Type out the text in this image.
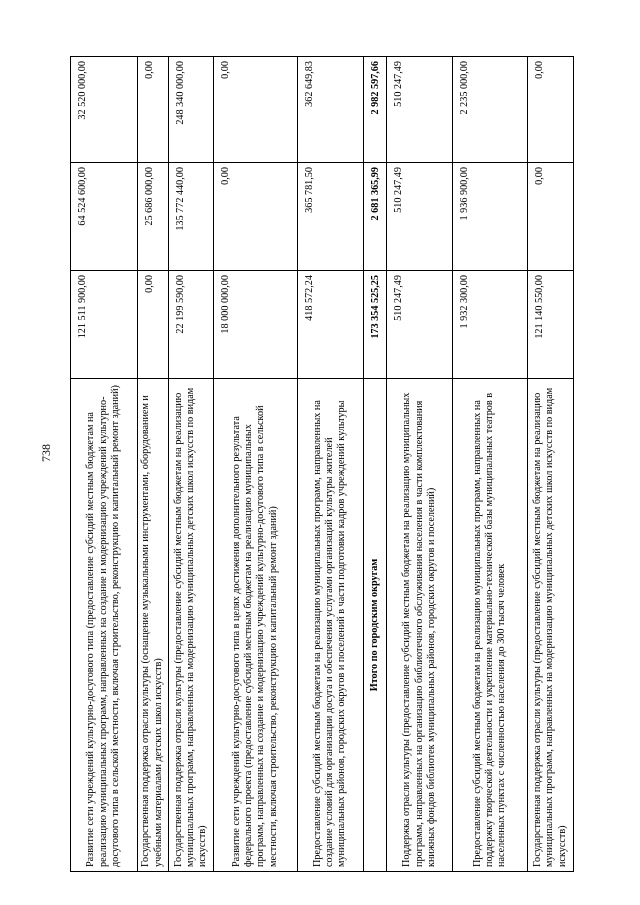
738	Развитие сети учреждений культурно-досугового типа (предоставление субсидий местным бюджетам на реализацию муниципальных программ, направленных на создание и модернизацию учреждений культурно-досугового типа в сельской местности, включая строительство, реконструкцию и капитальный ремонт зданий)	121 511 900,00	64 524 600,00	32 520 000,00
Государственная поддержка отрасли культуры (оснащение музыкальными инструментами, оборудованием и учебными материалами детских школ искусств)	0,00	25 686 000,00	0,00
Государственная поддержка отрасли культуры (предоставление субсидий местным бюджетам на реализацию муниципальных программ, направленных на модернизацию муниципальных детских школ искусств по видам искусств)	22 199 590,00	135 772 440,00	248 340 000,00
Развитие сети учреждений культурно-досугового типа в целях достижения дополнительного результата федерального проекта (предоставление субсидий местным бюджетам на реализацию муниципальных программ, направленных на создание и модернизацию учреждений культурно-досугового типа в сельской местности, включая строительство, реконструкцию и капитальный ремонт зданий)	18 000 000,00	0,00	0,00
Предоставление субсидий местным бюджетам на реализацию муниципальных программ, направленных на создание условий для организации досуга и обеспечения услугами организаций культуры жителей муниципальных районов, городских округов и поселений в части подготовки кадров учреждений культуры	418 572,24	365 781,50	362 649,83
Итого по городским округам	173 354 525,25	2 681 365,99	2 982 597,66
Поддержка отрасли культуры (предоставление субсидий местным бюджетам на реализацию муниципальных программ, направленных на организацию библиотечного обслуживания населения в части комплектования книжных фондов библиотек муниципальных районов, городских округов и поселений)	510 247,49	510 247,49	510 247,49
Предоставление субсидий местным бюджетам на реализацию муниципальных программ, направленных на поддержку творческой деятельности и укрепление материально-технической базы муниципальных театров в населенных пунктах с численностью населения до 300 тысяч человек	1 932 300,00	1 936 900,00	2 235 000,00
Государственная поддержка отрасли культуры (предоставление субсидий местным бюджетам на реализацию муниципальных программ, направленных на модернизацию муниципальных детских школ искусств по видам искусств)	121 140 550,00	0,00	0,00
